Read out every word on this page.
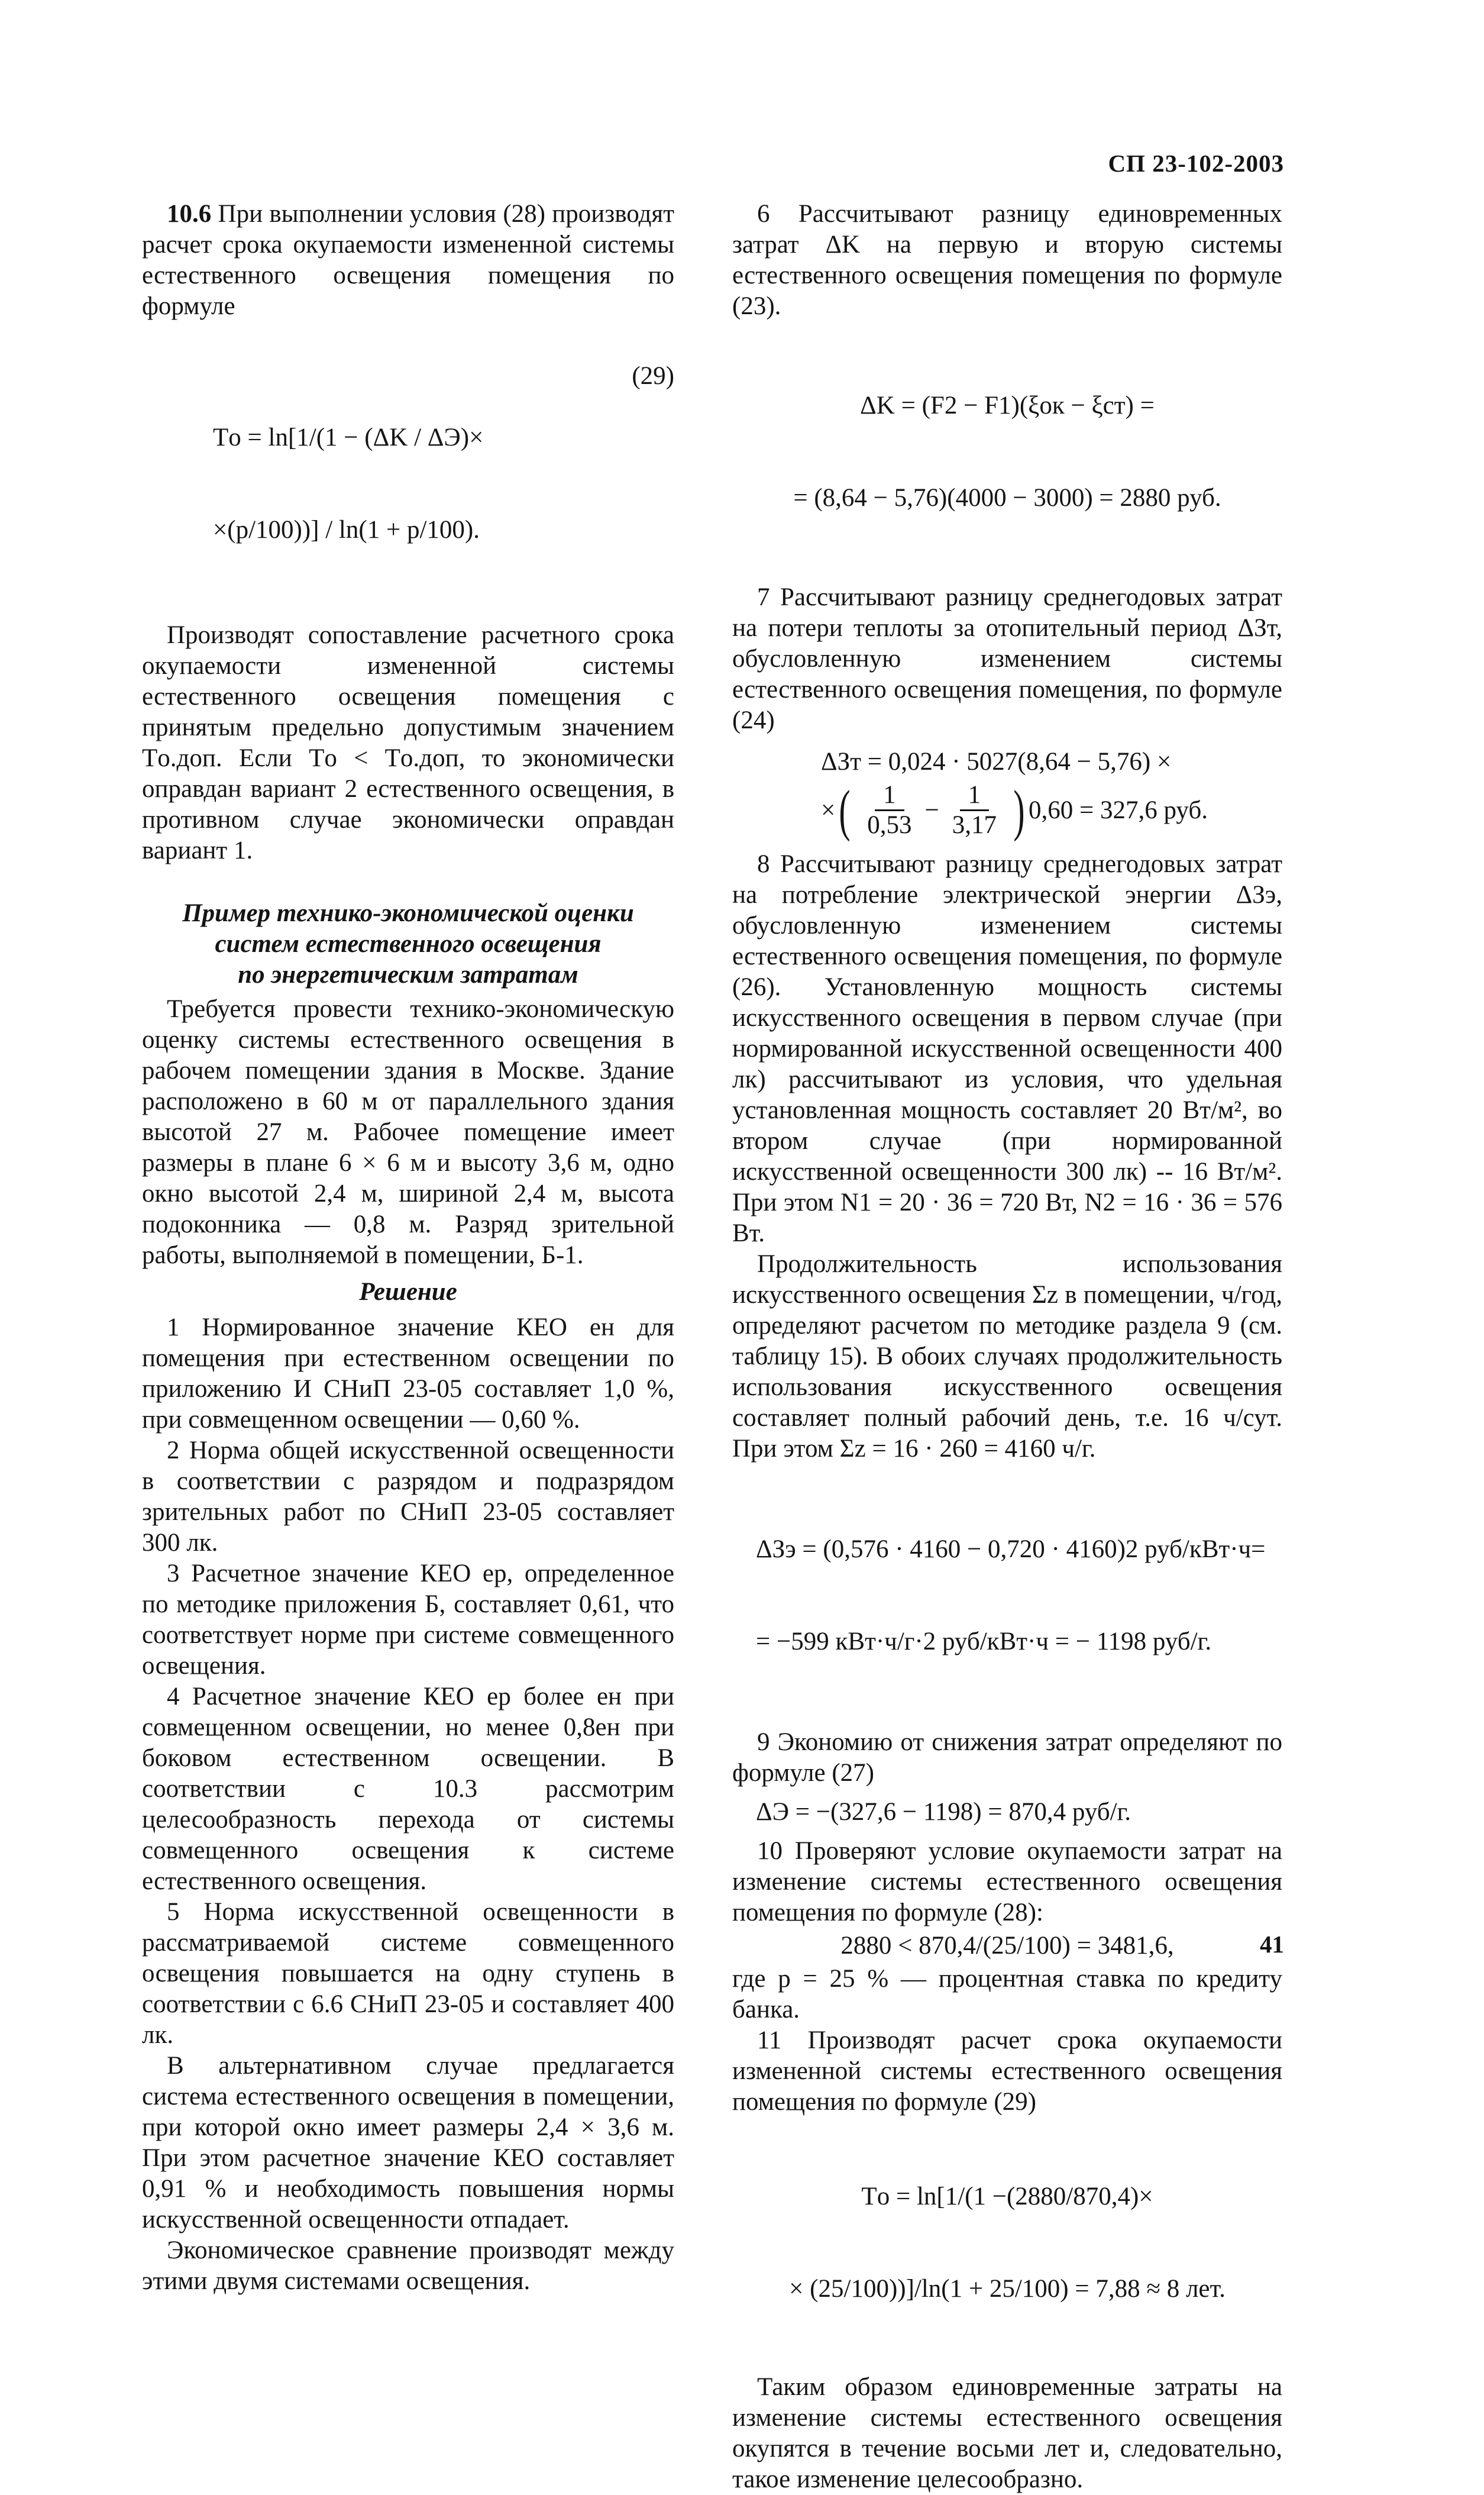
СП 23-102-2003

10.6 При выполнении условия (28) производят расчет срока окупаемости измененной системы естественного освещения помещения по формуле

(29)

Tо = ln[1/(1 − (ΔK / ΔЭ)×

×(p/100))] / ln(1 + p/100).

Производят сопоставление расчетного срока окупаемости измененной системы естественного освещения помещения с принятым предельно допустимым значением Tо.доп. Если Tо < Tо.доп, то экономически оправдан вариант 2 естественного освещения, в противном случае экономически оправдан вариант 1.

Пример технико-экономической оценки
систем естественного освещения
по энергетическим затратам

Требуется провести технико-экономическую оценку системы естественного освещения в рабочем помещении здания в Москве. Здание расположено в 60 м от параллельного здания высотой 27 м. Рабочее помещение имеет размеры в плане 6 × 6 м и высоту 3,6 м, одно окно высотой 2,4 м, шириной 2,4 м, высота подоконника — 0,8 м. Разряд зрительной работы, выполняемой в помещении, Б-1.

Решение

1 Нормированное значение КЕО eн для помещения при естественном освещении по приложению И СНиП 23-05 составляет 1,0 %, при совмещенном освещении — 0,60 %.

2 Норма общей искусственной освещенности в соответствии с разрядом и подразрядом зрительных работ по СНиП 23-05 составляет 300 лк.

3 Расчетное значение КЕО eр, определенное по методике приложения Б, составляет 0,61, что соответствует норме при системе совмещенного освещения.

4 Расчетное значение КЕО eр более eн при совмещенном освещении, но менее 0,8eн при боковом естественном освещении. В соответствии с 10.3 рассмотрим целесообразность перехода от системы совмещенного освещения к системе естественного освещения.

5 Норма искусственной освещенности в рассматриваемой системе совмещенного освещения повышается на одну ступень в соответствии с 6.6 СНиП 23-05 и составляет 400 лк.

В альтернативном случае предлагается система естественного освещения в помещении, при которой окно имеет размеры 2,4 × 3,6 м. При этом расчетное значение КЕО составляет 0,91 % и необходимость повышения нормы искусственной освещенности отпадает.

Экономическое сравнение производят между этими двумя системами освещения.

6 Рассчитывают разницу единовременных затрат ΔK на первую и вторую системы естественного освещения помещения по формуле (23).

ΔK = (F2 − F1)(ξок − ξст) =

= (8,64 − 5,76)(4000 − 3000) = 2880 руб.

7 Рассчитывают разницу среднегодовых затрат на потери теплоты за отопительный период ΔЗт, обусловленную изменением системы естественного освещения помещения, по формуле (24)

ΔЗт = 0,024 · 5027(8,64 − 5,76) ×
× ( $\frac{1}{0,53} - \frac{1}{3,17}$ ) 0,60 = 327,6 руб.

8 Рассчитывают разницу среднегодовых затрат на потребление электрической энергии ΔЗэ, обусловленную изменением системы естественного освещения помещения, по формуле (26). Установленную мощность системы искусственного освещения в первом случае (при нормированной искусственной освещенности 400 лк) рассчитывают из условия, что удельная установленная мощность составляет 20 Вт/м², во втором случае (при нормированной искусственной освещенности 300 лк) -- 16 Вт/м². При этом N1 = 20 · 36 = 720 Вт, N2 = 16 · 36 = 576 Вт.

Продолжительность использования искусственного освещения Σz в помещении, ч/год, определяют расчетом по методике раздела 9 (см. таблицу 15). В обоих случаях продолжительность использования искусственного освещения составляет полный рабочий день, т.е. 16 ч/сут. При этом Σz = 16 · 260 = 4160 ч/г.

ΔЗэ = (0,576 · 4160 − 0,720 · 4160)2 руб/кВт·ч=

= −599 кВт·ч/г·2 руб/кВт·ч = − 1198 руб/г.

9 Экономию от снижения затрат определяют по формуле (27)

ΔЭ = −(327,6 − 1198) = 870,4 руб/г.

10 Проверяют условие окупаемости затрат на изменение системы естественного освещения помещения по формуле (28):

2880 < 870,4/(25/100) = 3481,6,

где p = 25 % — процентная ставка по кредиту банка.

11 Производят расчет срока окупаемости измененной системы естественного освещения помещения по формуле (29)

Tо = ln[1/(1 −(2880/870,4)×

× (25/100))]/ln(1 + 25/100) = 7,88 ≈ 8 лет.

Таким образом единовременные затраты на изменение системы естественного освещения окупятся в течение восьми лет и, следовательно, такое изменение целесообразно.

41
